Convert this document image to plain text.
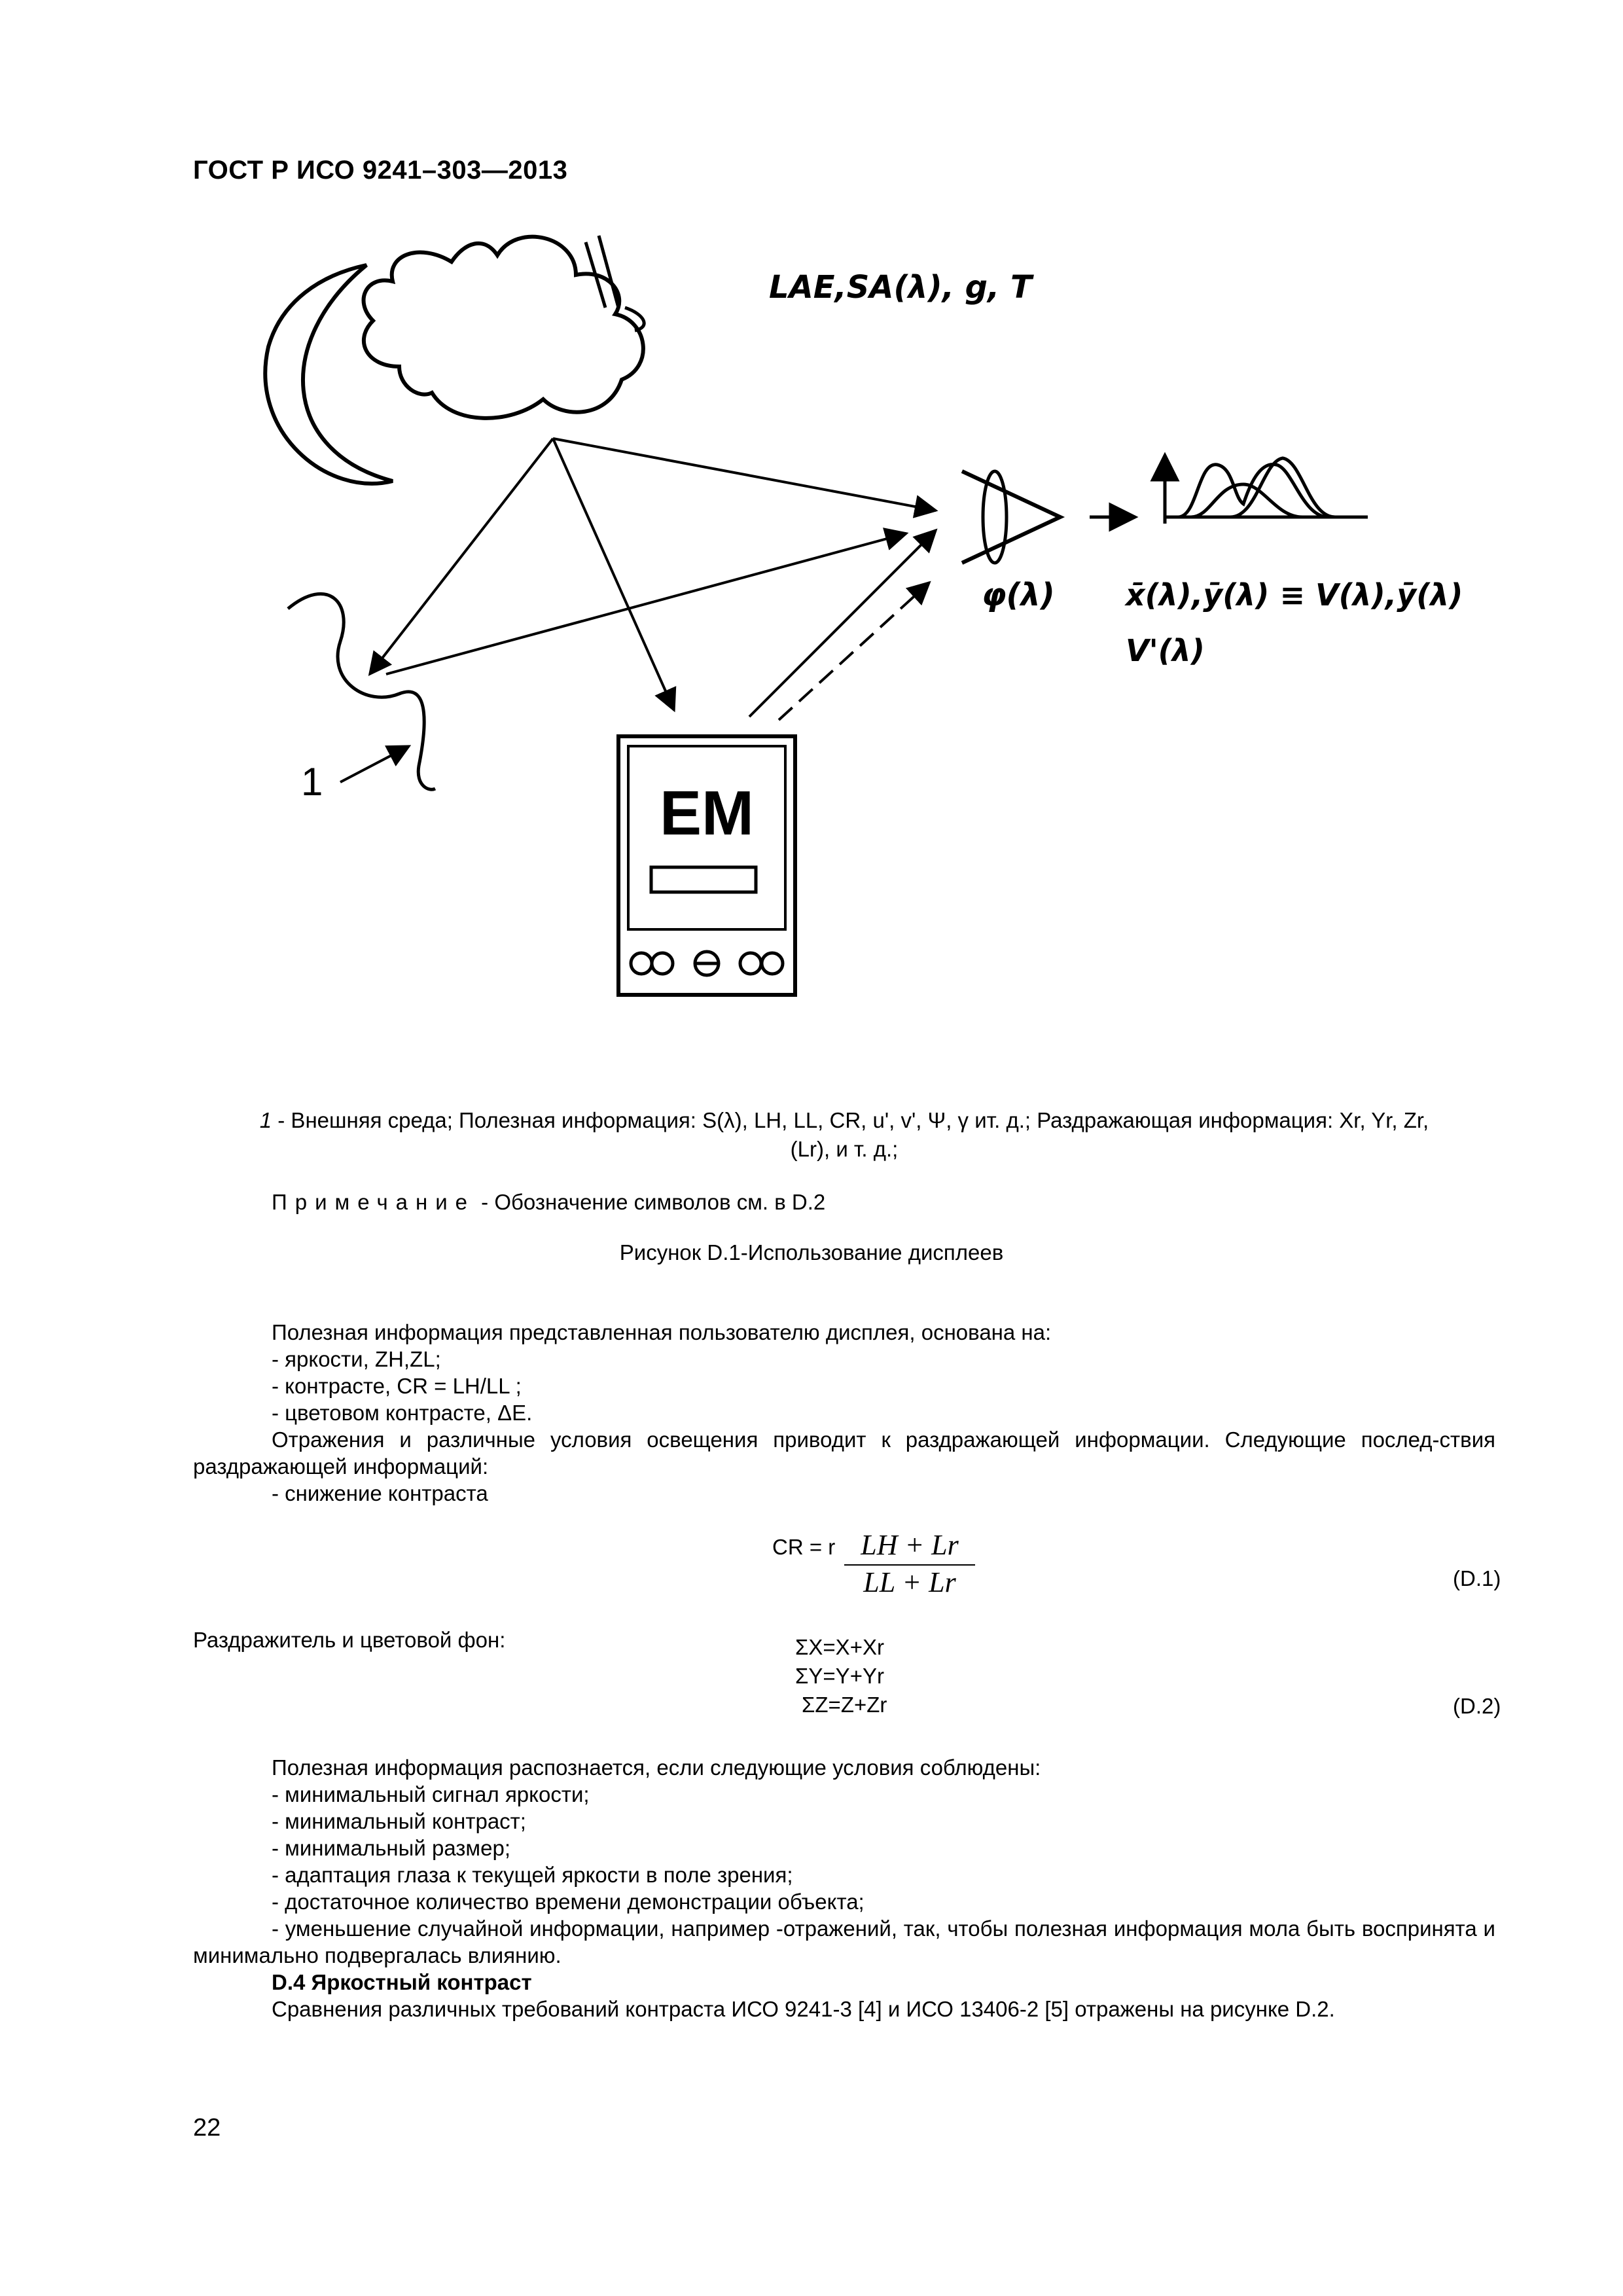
ГОСТ Р ИСО 9241–303—2013
LAE,SA(λ), g, T
1
φ(λ) x̄(λ),ȳ(λ) ≡ V(λ),ȳ(λ)
V'(λ)
EM
1 - Внешняя среда; Полезная информация: S(λ), LH, LL, CR, u', v', Ψ, γ ит. д.; Раздражающая информация: Xr, Yr, Zr,
(Lr), и т. д.;
Примечание - Обозначение символов см. в D.2
Рисунок D.1-Использование дисплеев

Полезная информация представленная пользователю дисплея, основана на:

- яркости, ZH,ZL;

- контрасте, CR = LH/LL ;

- цветовом контрасте, ΔE.

Отражения и различные условия освещения приводит к раздражающей информации. Следующие послед-ствия раздражающей информаций:

- снижение контраста

CR = r $\frac{LH + Lr}{LL + Lr}$	(D.1)
Раздражитель и цветовой фон:	ΣX=X+Xr
ΣY=Y+Yr
ΣZ=Z+Zr	(D.2)

Полезная информация распознается, если следующие условия соблюдены:

- минимальный сигнал яркости;

- минимальный контраст;

- минимальный размер;

- адаптация глаза к текущей яркости в поле зрения;

- достаточное количество времени демонстрации объекта;

- уменьшение случайной информации, например -отражений, так, чтобы полезная информация мола быть воспринята и минимально подвергалась влиянию.

D.4 Яркостный контраст

Сравнения различных требований контраста ИСО 9241-3 [4] и ИСО 13406-2 [5] отражены на рисунке D.2.

22
